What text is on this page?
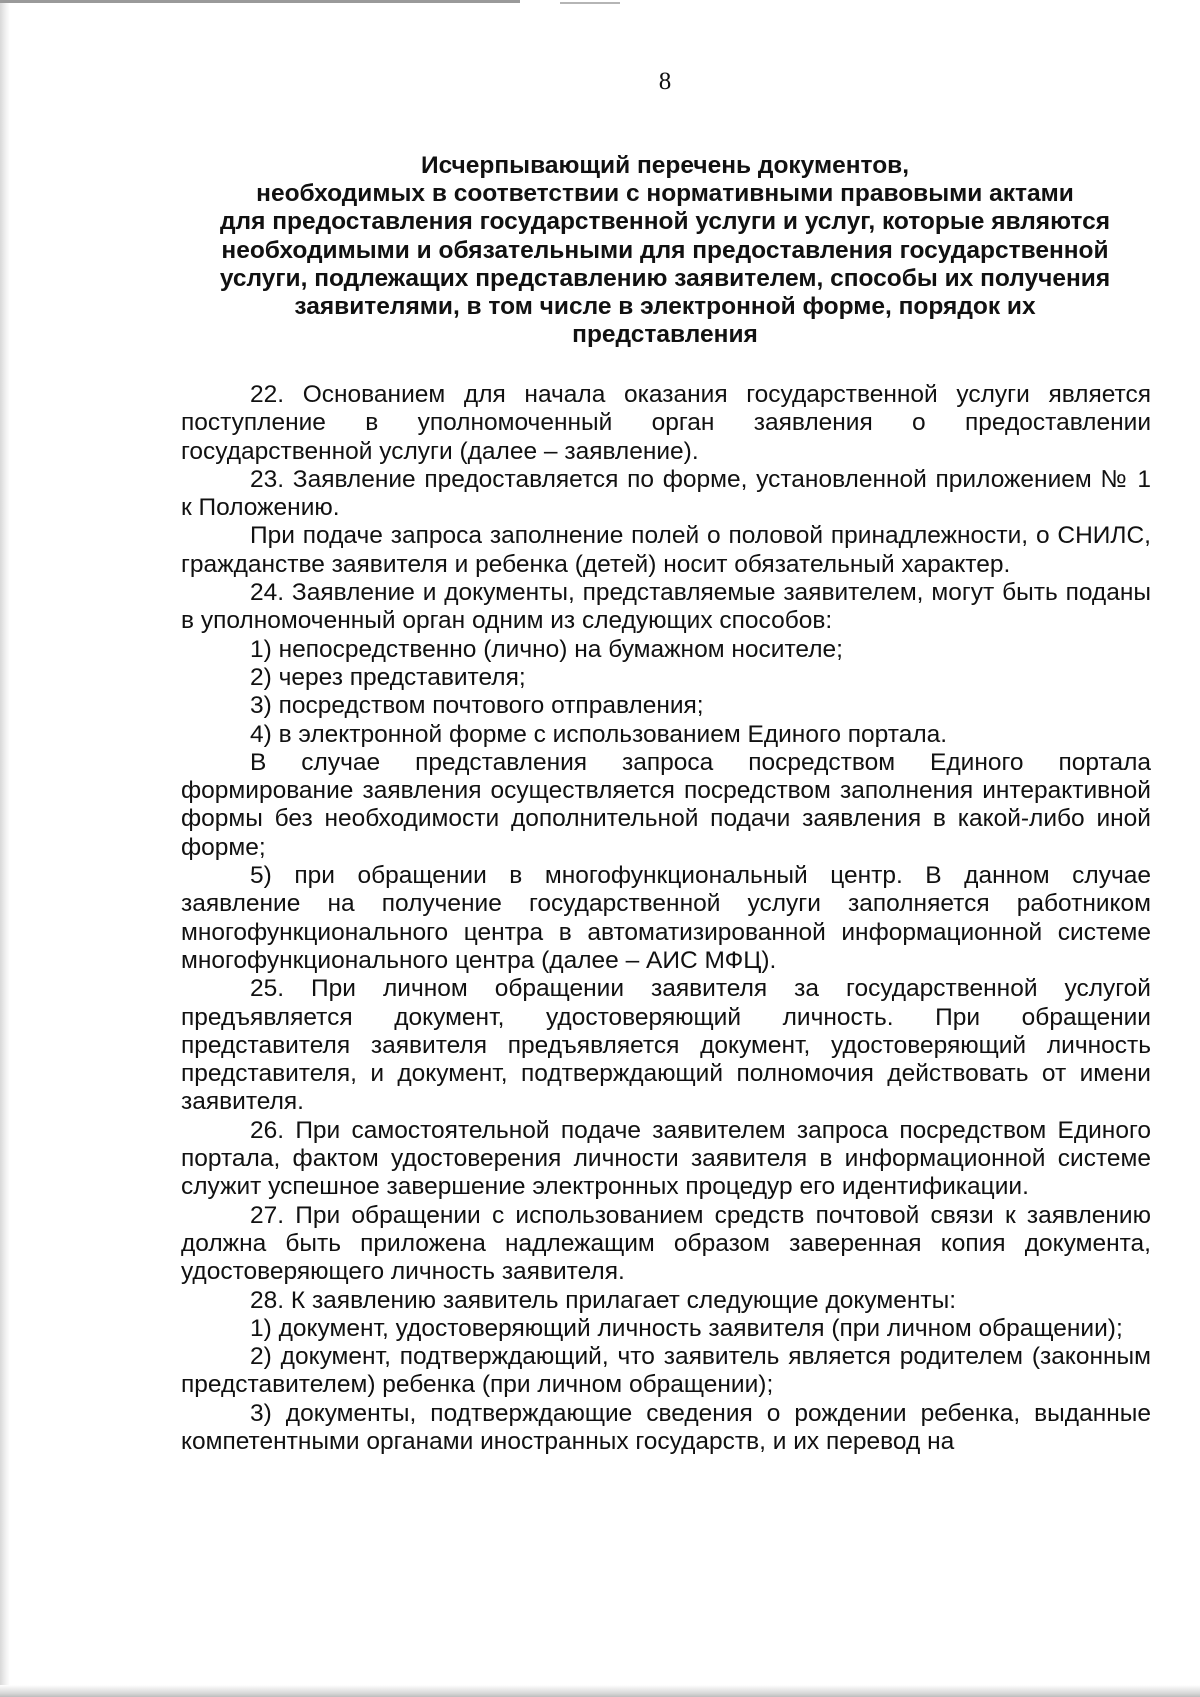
8
Исчерпывающий перечень документов,
необходимых в соответствии с нормативными правовыми актами
для предоставления государственной услуги и услуг, которые являются
необходимыми и обязательными для предоставления государственной
услуги, подлежащих представлению заявителем, способы их получения
заявителями, в том числе в электронной форме, порядок их
представления

22. Основанием для начала оказания государственной услуги является поступление в уполномоченный орган заявления о предоставлении государственной услуги (далее – заявление).

23. Заявление предоставляется по форме, установленной приложением № 1 к Положению.

При подаче запроса заполнение полей о половой принадлежности, о СНИЛС, гражданстве заявителя и ребенка (детей) носит обязательный характер.

24. Заявление и документы, представляемые заявителем, могут быть поданы в уполномоченный орган одним из следующих способов:

1) непосредственно (лично) на бумажном носителе;

2) через представителя;

3) посредством почтового отправления;

4) в электронной форме с использованием Единого портала.

В случае представления запроса посредством Единого портала формирование заявления осуществляется посредством заполнения интерактивной формы без необходимости дополнительной подачи заявления в какой-либо иной форме;

5) при обращении в многофункциональный центр. В данном случае заявление на получение государственной услуги заполняется работником многофункционального центра в автоматизированной информационной системе многофункционального центра (далее – АИС МФЦ).

25. При личном обращении заявителя за государственной услугой предъявляется документ, удостоверяющий личность. При обращении представителя заявителя предъявляется документ, удостоверяющий личность представителя, и документ, подтверждающий полномочия действовать от имени заявителя.

26. При самостоятельной подаче заявителем запроса посредством Единого портала, фактом удостоверения личности заявителя в информационной системе служит успешное завершение электронных процедур его идентификации.

27. При обращении с использованием средств почтовой связи к заявлению должна быть приложена надлежащим образом заверенная копия документа, удостоверяющего личность заявителя.

28. К заявлению заявитель прилагает следующие документы:

1) документ, удостоверяющий личность заявителя (при личном обращении);

2) документ, подтверждающий, что заявитель является родителем (законным представителем) ребенка (при личном обращении);

3) документы, подтверждающие сведения о рождении ребенка, выданные компетентными органами иностранных государств, и их перевод на
